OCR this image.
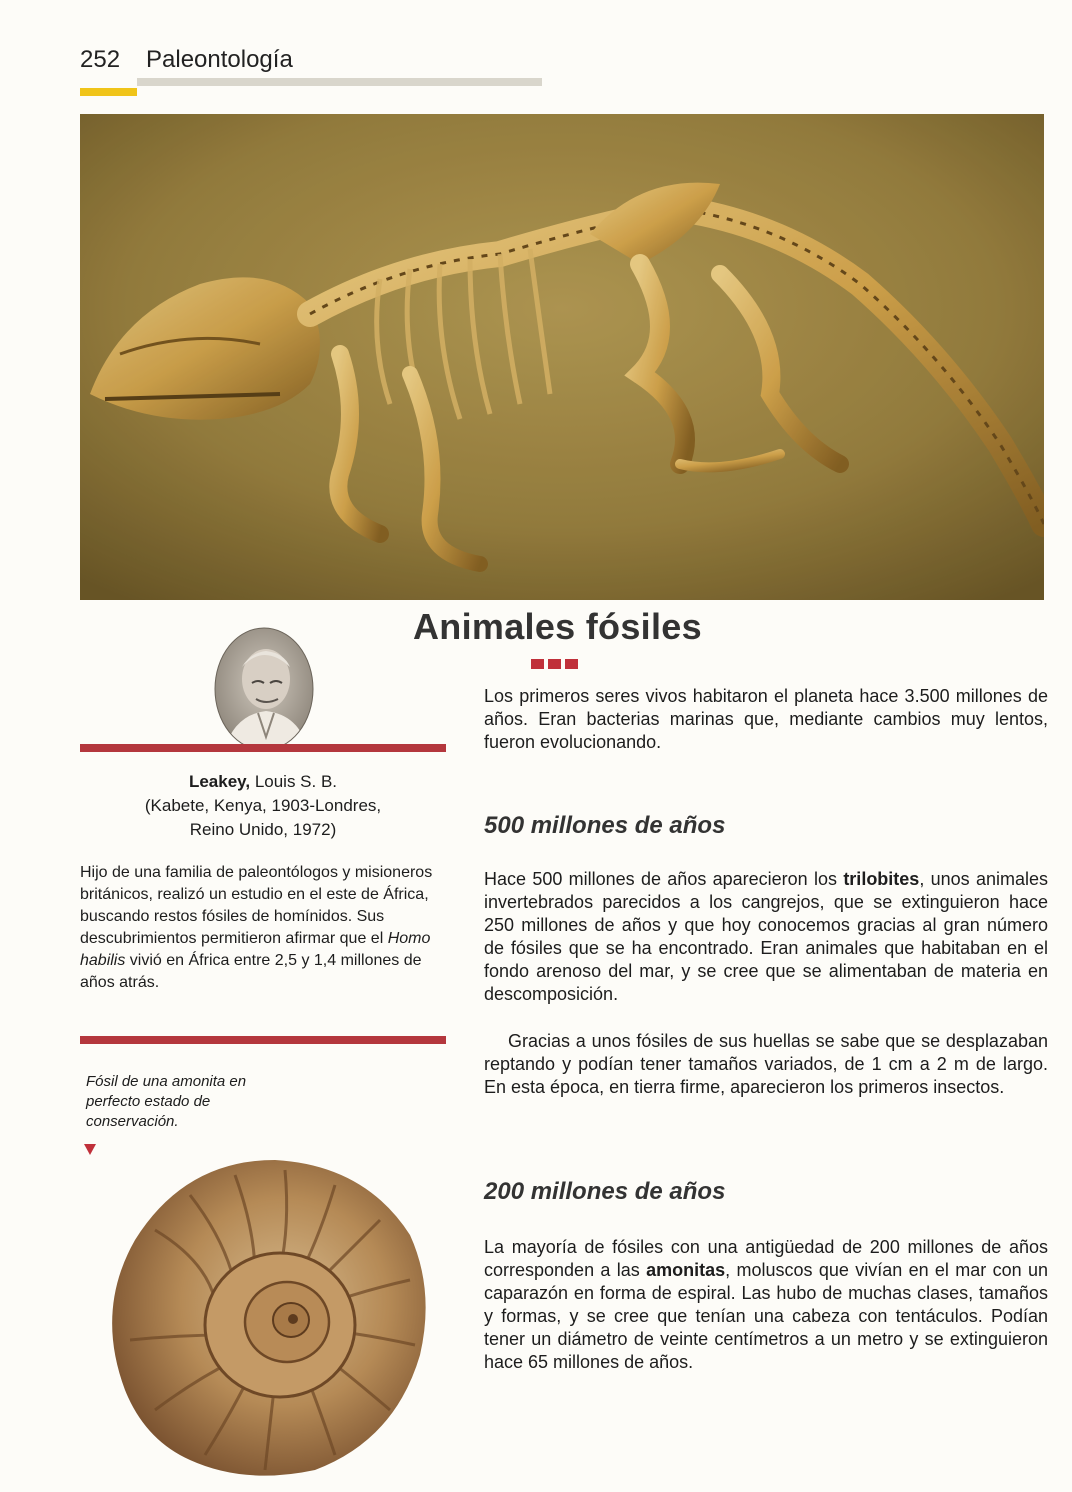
252 Paleontología
Animales fósiles
Leakey, Louis S. B.
(Kabete, Kenya, 1903-Londres,
Reino Unido, 1972)
Hijo de una familia de paleontólogos y misioneros británicos, realizó un estudio en el este de África, buscando restos fósiles de homínidos. Sus descubrimientos permitieron afirmar que el Homo habilis vivió en África entre 2,5 y 1,4 millones de años atrás.
Fósil de una amonita en perfecto estado de conservación.
Los primeros seres vivos habitaron el planeta hace 3.500 millones de años. Eran bacterias marinas que, mediante cambios muy lentos, fueron evolucionando.
500 millones de años
Hace 500 millones de años aparecieron los trilobites, unos animales invertebrados parecidos a los cangrejos, que se extinguieron hace 250 millones de años y que hoy conocemos gracias al gran número de fósiles que se ha encontrado. Eran animales que habitaban en el fondo arenoso del mar, y se cree que se alimentaban de materia en descomposición.
Gracias a unos fósiles de sus huellas se sabe que se desplazaban reptando y podían tener tamaños variados, de 1 cm a 2 m de largo. En esta época, en tierra firme, aparecieron los primeros insectos.
200 millones de años
La mayoría de fósiles con una antigüedad de 200 millones de años corresponden a las amonitas, moluscos que vivían en el mar con un caparazón en forma de espiral. Las hubo de muchas clases, tamaños y formas, y se cree que tenían una cabeza con tentáculos. Podían tener un diámetro de veinte centímetros a un metro y se extinguieron hace 65 millones de años.
